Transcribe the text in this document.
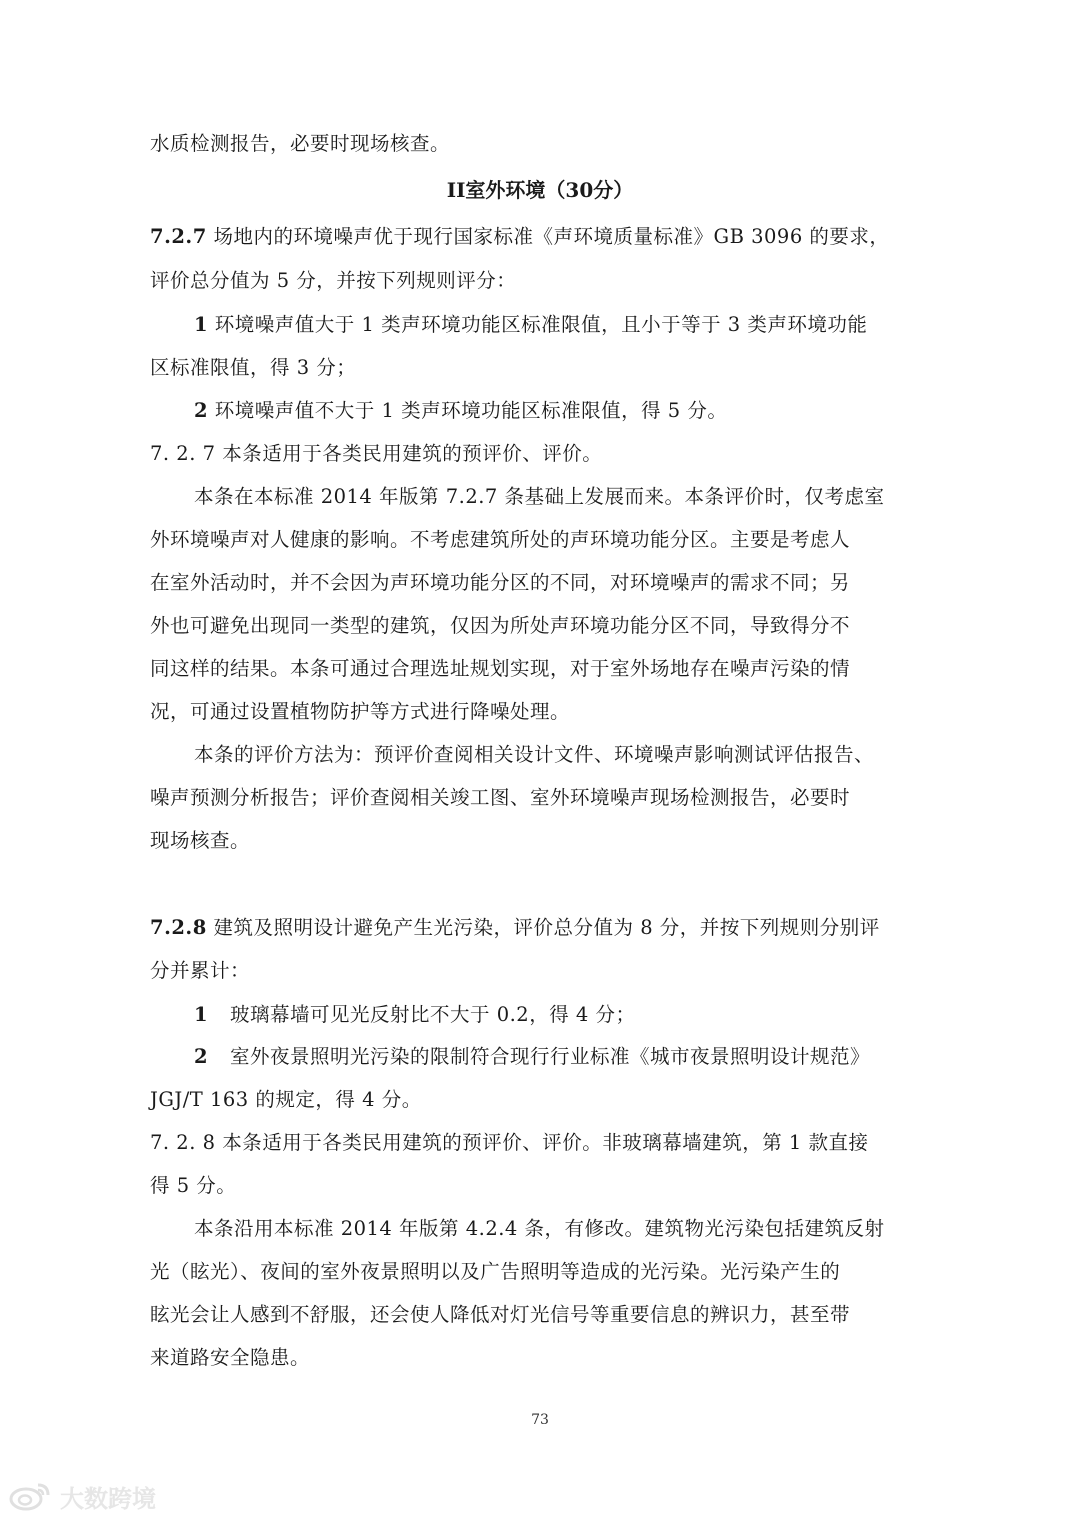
水质检测报告，必要时现场核查。
II室外环境（30分）
7.2.7 场地内的环境噪声优于现行国家标准《声环境质量标准》GB 3096 的要求，
评价总分值为 5 分，并按下列规则评分：
1 环境噪声值大于 1 类声环境功能区标准限值，且小于等于 3 类声环境功能
区标准限值，得 3 分；
2 环境噪声值不大于 1 类声环境功能区标准限值，得 5 分。
7. 2. 7 本条适用于各类民用建筑的预评价、评价。
本条在本标准 2014 年版第 7.2.7 条基础上发展而来。本条评价时，仅考虑室
外环境噪声对人健康的影响。不考虑建筑所处的声环境功能分区。主要是考虑人
在室外活动时，并不会因为声环境功能分区的不同，对环境噪声的需求不同；另
外也可避免出现同一类型的建筑，仅因为所处声环境功能分区不同，导致得分不
同这样的结果。本条可通过合理选址规划实现，对于室外场地存在噪声污染的情
况，可通过设置植物防护等方式进行降噪处理。
本条的评价方法为：预评价查阅相关设计文件、环境噪声影响测试评估报告、
噪声预测分析报告；评价查阅相关竣工图、室外环境噪声现场检测报告，必要时
现场核查。
7.2.8 建筑及照明设计避免产生光污染，评价总分值为 8 分，并按下列规则分别评
分并累计：
1 玻璃幕墙可见光反射比不大于 0.2，得 4 分；
2 室外夜景照明光污染的限制符合现行行业标准《城市夜景照明设计规范》
JGJ/T 163 的规定，得 4 分。
7. 2. 8 本条适用于各类民用建筑的预评价、评价。非玻璃幕墙建筑，第 1 款直接
得 5 分。
本条沿用本标准 2014 年版第 4.2.4 条，有修改。建筑物光污染包括建筑反射
光（眩光）、夜间的室外夜景照明以及广告照明等造成的光污染。光污染产生的
眩光会让人感到不舒服，还会使人降低对灯光信号等重要信息的辨识力，甚至带
来道路安全隐患。
73
大数跨境
